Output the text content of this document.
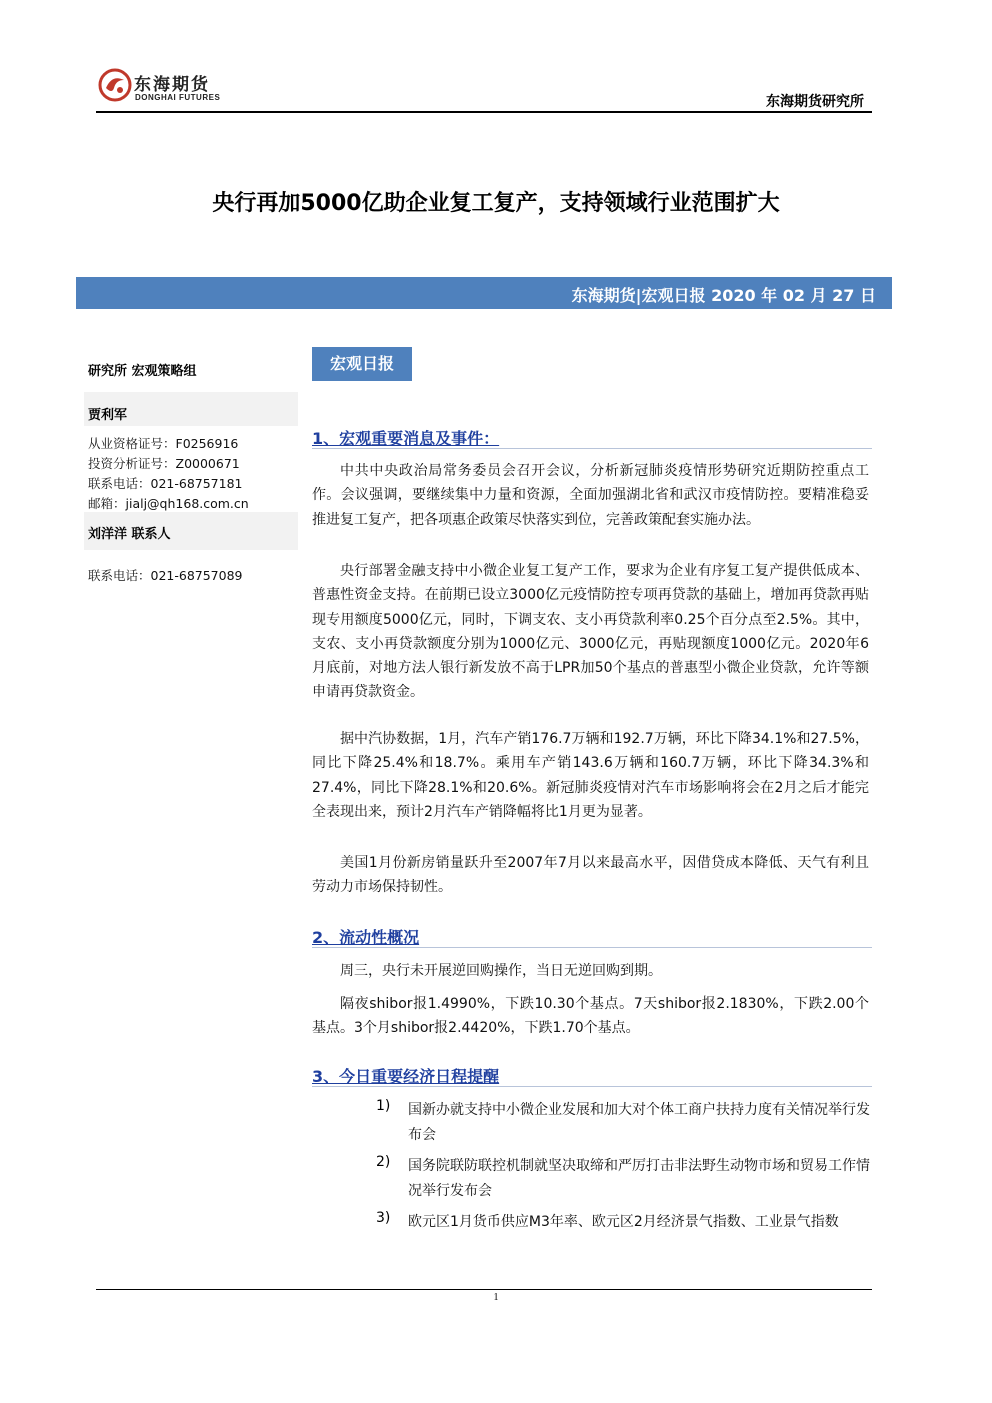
东海期货
DONGHAI FUTURES	东海期货研究所
央行再加5000亿助企业复工复产，支持领域行业范围扩大
东海期货|宏观日报 2020 年 02 月 27 日
研究所 宏观策略组
贾利军
从业资格证号：F0256916
投资分析证号：Z0000671
联系电话：021-68757181
邮箱：jialj@qh168.com.cn
刘洋洋 联系人
联系电话：021-68757089
宏观日报
1、宏观重要消息及事件：
中共中央政治局常务委员会召开会议，分析新冠肺炎疫情形势研究近期防控重点工作。会议强调，要继续集中力量和资源，全面加强湖北省和武汉市疫情防控。要精准稳妥推进复工复产，把各项惠企政策尽快落实到位，完善政策配套实施办法。
央行部署金融支持中小微企业复工复产工作，要求为企业有序复工复产提供低成本、普惠性资金支持。在前期已设立3000亿元疫情防控专项再贷款的基础上，增加再贷款再贴现专用额度5000亿元，同时，下调支农、支小再贷款利率0.25个百分点至2.5%。其中，支农、支小再贷款额度分别为1000亿元、3000亿元，再贴现额度1000亿元。2020年6月底前，对地方法人银行新发放不高于LPR加50个基点的普惠型小微企业贷款，允许等额申请再贷款资金。
据中汽协数据，1月，汽车产销176.7万辆和192.7万辆，环比下降34.1%和27.5%，同比下降25.4%和18.7%。乘用车产销143.6万辆和160.7万辆，环比下降34.3%和27.4%，同比下降28.1%和20.6%。新冠肺炎疫情对汽车市场影响将会在2月之后才能完全表现出来，预计2月汽车产销降幅将比1月更为显著。
美国1月份新房销量跃升至2007年7月以来最高水平，因借贷成本降低、天气有利且劳动力市场保持韧性。
2、流动性概况
周三，央行未开展逆回购操作，当日无逆回购到期。
隔夜shibor报1.4990%，下跌10.30个基点。7天shibor报2.1830%，下跌2.00个基点。3个月shibor报2.4420%，下跌1.70个基点。
3、今日重要经济日程提醒
1) 国新办就支持中小微企业发展和加大对个体工商户扶持力度有关情况举行发布会
2) 国务院联防联控机制就坚决取缔和严厉打击非法野生动物市场和贸易工作情况举行发布会
3) 欧元区1月货币供应M3年率、欧元区2月经济景气指数、工业景气指数
1
